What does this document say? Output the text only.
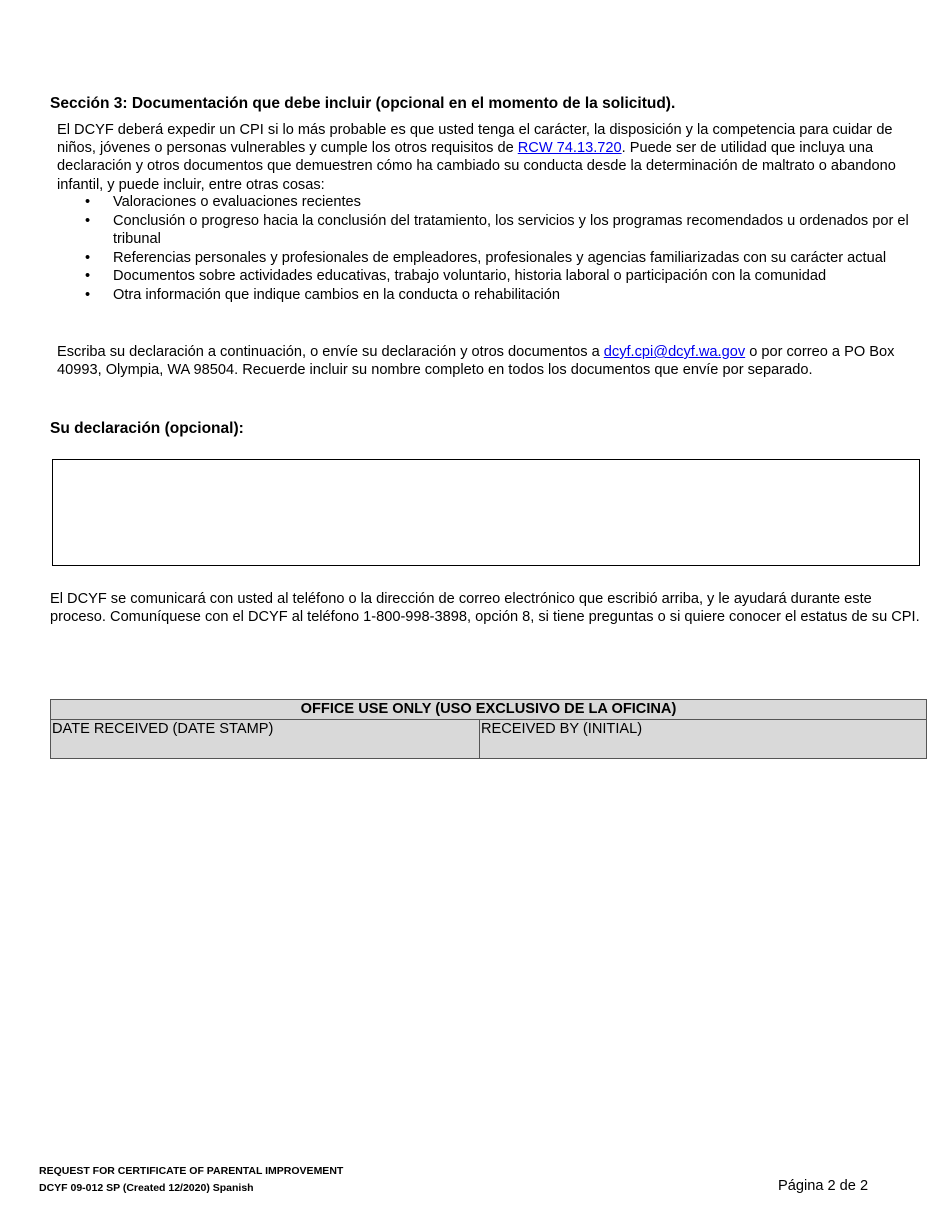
Sección 3: Documentación que debe incluir (opcional en el momento de la solicitud).
El DCYF deberá expedir un CPI si lo más probable es que usted tenga el carácter, la disposición y la competencia para cuidar de niños, jóvenes o personas vulnerables y cumple los otros requisitos de RCW 74.13.720. Puede ser de utilidad que incluya una declaración y otros documentos que demuestren cómo ha cambiado su conducta desde la determinación de maltrato o abandono infantil, y puede incluir, entre otras cosas:
• Valoraciones o evaluaciones recientes
• Conclusión o progreso hacia la conclusión del tratamiento, los servicios y los programas recomendados u ordenados por el tribunal
• Referencias personales y profesionales de empleadores, profesionales y agencias familiarizadas con su carácter actual
• Documentos sobre actividades educativas, trabajo voluntario, historia laboral o participación con la comunidad
• Otra información que indique cambios en la conducta o rehabilitación
Escriba su declaración a continuación, o envíe su declaración y otros documentos a dcyf.cpi@dcyf.wa.gov o por correo a PO Box 40993, Olympia, WA 98504. Recuerde incluir su nombre completo en todos los documentos que envíe por separado.
Su declaración (opcional):
El DCYF se comunicará con usted al teléfono o la dirección de correo electrónico que escribió arriba, y le ayudará durante este proceso. Comuníquese con el DCYF al teléfono 1-800-998-3898, opción 8, si tiene preguntas o si quiere conocer el estatus de su CPI.
OFFICE USE ONLY (USO EXCLUSIVO DE LA OFICINA)
DATE RECEIVED (DATE STAMP)	RECEIVED BY (INITIAL)
REQUEST FOR CERTIFICATE OF PARENTAL IMPROVEMENT
DCYF 09-012 SP (Created 12/2020) Spanish	Página 2 de 2
